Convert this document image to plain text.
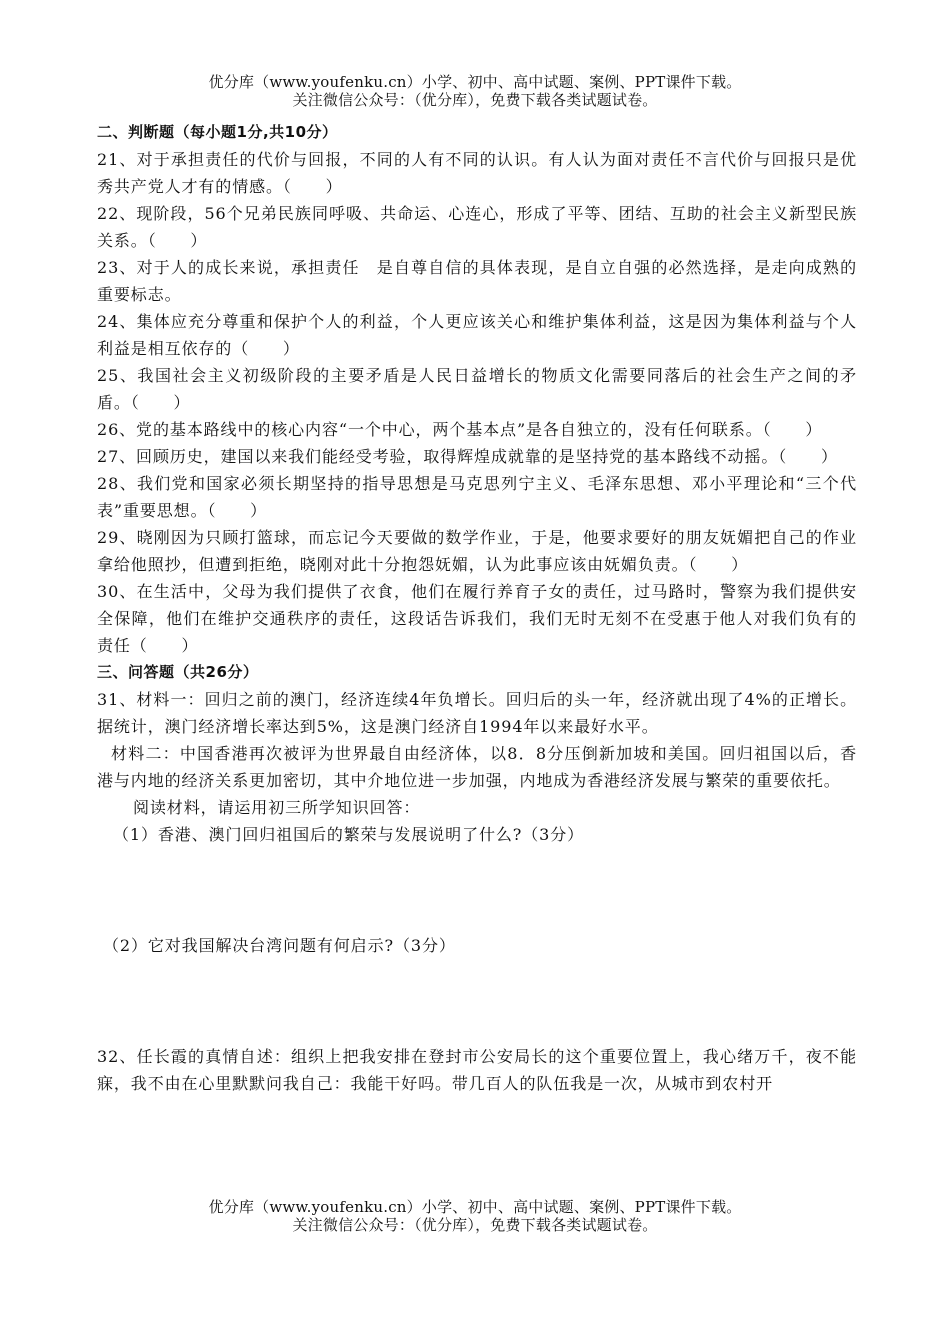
优分库（www.youfenku.cn）小学、初中、高中试题、案例、PPT课件下载。
关注微信公众号：（优分库），免费下载各类试题试卷。

二、判断题（每小题1分,共10分）

21、对于承担责任的代价与回报，不同的人有不同的认识。有人认为面对责任不言代价与回报只是优秀共产党人才有的情感。（　　）

22、现阶段，56个兄弟民族同呼吸、共命运、心连心，形成了平等、团结、互助的社会主义新型民族关系。（　　）

23、对于人的成长来说，承担责任　是自尊自信的具体表现，是自立自强的必然选择，是走向成熟的重要标志。

24、集体应充分尊重和保护个人的利益，个人更应该关心和维护集体利益，这是因为集体利益与个人利益是相互依存的（　　）

25、我国社会主义初级阶段的主要矛盾是人民日益增长的物质文化需要同落后的社会生产之间的矛盾。（　　）

26、党的基本路线中的核心内容“一个中心，两个基本点”是各自独立的，没有任何联系。（　　）

27、回顾历史，建国以来我们能经受考验，取得辉煌成就靠的是坚持党的基本路线不动摇。（　　）

28、我们党和国家必须长期坚持的指导思想是马克思列宁主义、毛泽东思想、邓小平理论和“三个代表”重要思想。（　　）

29、晓刚因为只顾打篮球，而忘记今天要做的数学作业，于是，他要求要好的朋友妩媚把自己的作业拿给他照抄，但遭到拒绝，晓刚对此十分抱怨妩媚，认为此事应该由妩媚负责。（　　）

30、在生活中，父母为我们提供了衣食，他们在履行养育子女的责任，过马路时，警察为我们提供安全保障，他们在维护交通秩序的责任，这段话告诉我们，我们无时无刻不在受惠于他人对我们负有的责任（　　）

三、问答题（共26分）

31、材料一：回归之前的澳门，经济连续4年负增长。回归后的头一年，经济就出现了4%的正增长。据统计，澳门经济增长率达到5%，这是澳门经济自1994年以来最好水平。

材料二：中国香港再次被评为世界最自由经济体，以8．8分压倒新加坡和美国。回归祖国以后，香港与内地的经济关系更加密切，其中介地位进一步加强，内地成为香港经济发展与繁荣的重要依托。

阅读材料，请运用初三所学知识回答：

（1）香港、澳门回归祖国后的繁荣与发展说明了什么?（3分）

（2）它对我国解决台湾问题有何启示?（3分）

32、任长霞的真情自述：组织上把我安排在登封市公安局长的这个重要位置上，我心绪万千，夜不能寐，我不由在心里默默问我自己：我能干好吗。带几百人的队伍我是一次，从城市到农村开

优分库（www.youfenku.cn）小学、初中、高中试题、案例、PPT课件下载。
关注微信公众号：（优分库），免费下载各类试题试卷。
